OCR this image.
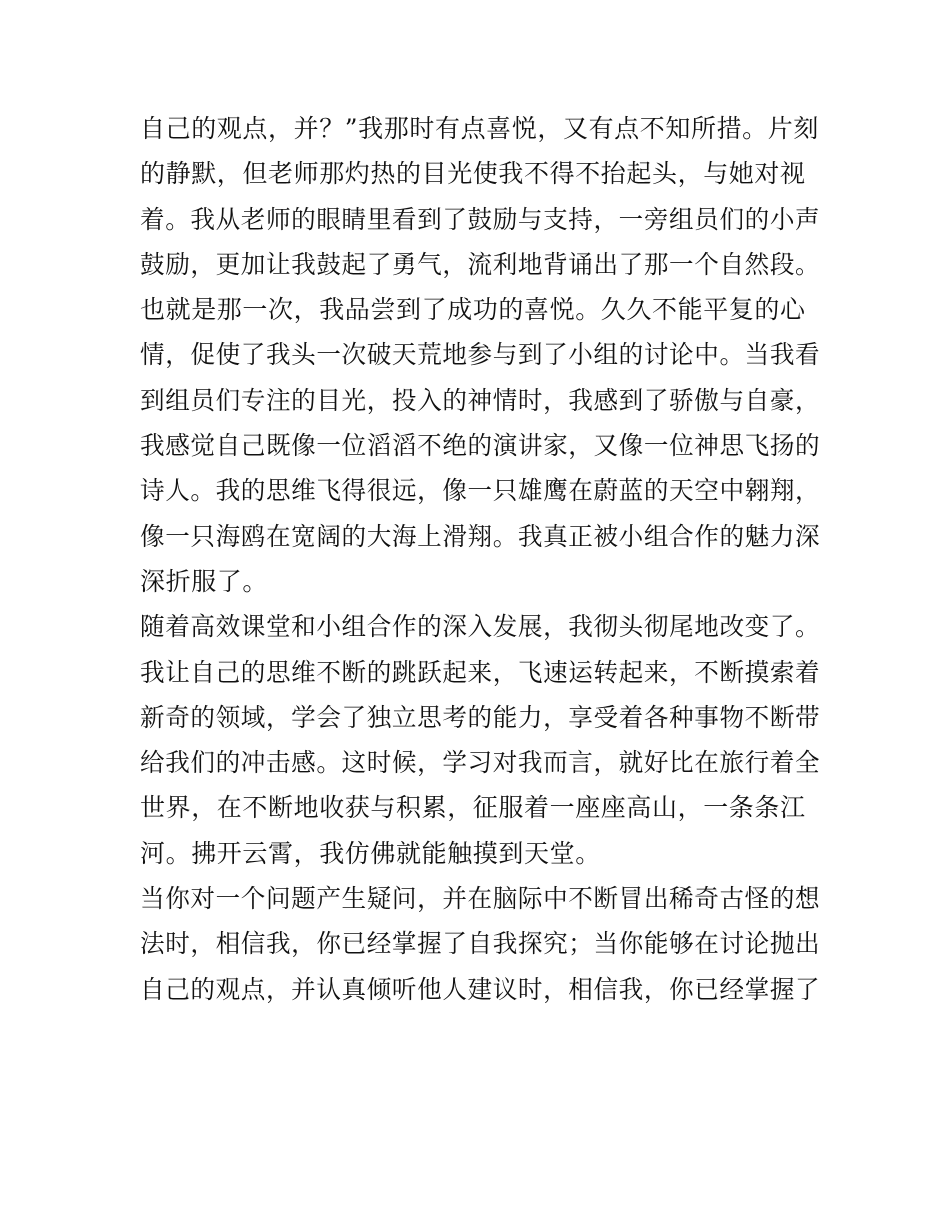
自己的观点，并？”我那时有点喜悦，又有点不知所措。片刻
的静默，但老师那灼热的目光使我不得不抬起头，与她对视
着。我从老师的眼睛里看到了鼓励与支持，一旁组员们的小声 鼓励，更加让我鼓起了勇气，流利地背诵出了那一个自然段。
也就是那一次，我品尝到了成功的喜悦。久久不能平复的心
情，促使了我头一次破天荒地参与到了小组的讨论中。当我看 到组员们专注的目光，投入的神情时，我感到了骄傲与自豪， 我感觉自己既像一位滔滔不绝的演讲家，又像一位神思飞扬的 诗人。我的思维飞得很远，像一只雄鹰在蔚蓝的天空中翱翔， 像一只海鸥在宽阔的大海上滑翔。我真正被小组合作的魅力深
深折服了。
随着高效课堂和小组合作的深入发展，我彻头彻尾地改变了。 我让自己的思维不断的跳跃起来，飞速运转起来，不断摸索着 新奇的领域，学会了独立思考的能力，享受着各种事物不断带 给我们的冲击感。这时候，学习对我而言，就好比在旅行着全
世界，在不断地收获与积累，征服着一座座高山，一条条江
河。拂开云霄，我仿佛就能触摸到天堂。
当你对一个问题产生疑问，并在脑际中不断冒出稀奇古怪的想 法时，相信我，你已经掌握了自我探究；当你能够在讨论抛出 自己的观点，并认真倾听他人建议时，相信我，你已经掌握了
